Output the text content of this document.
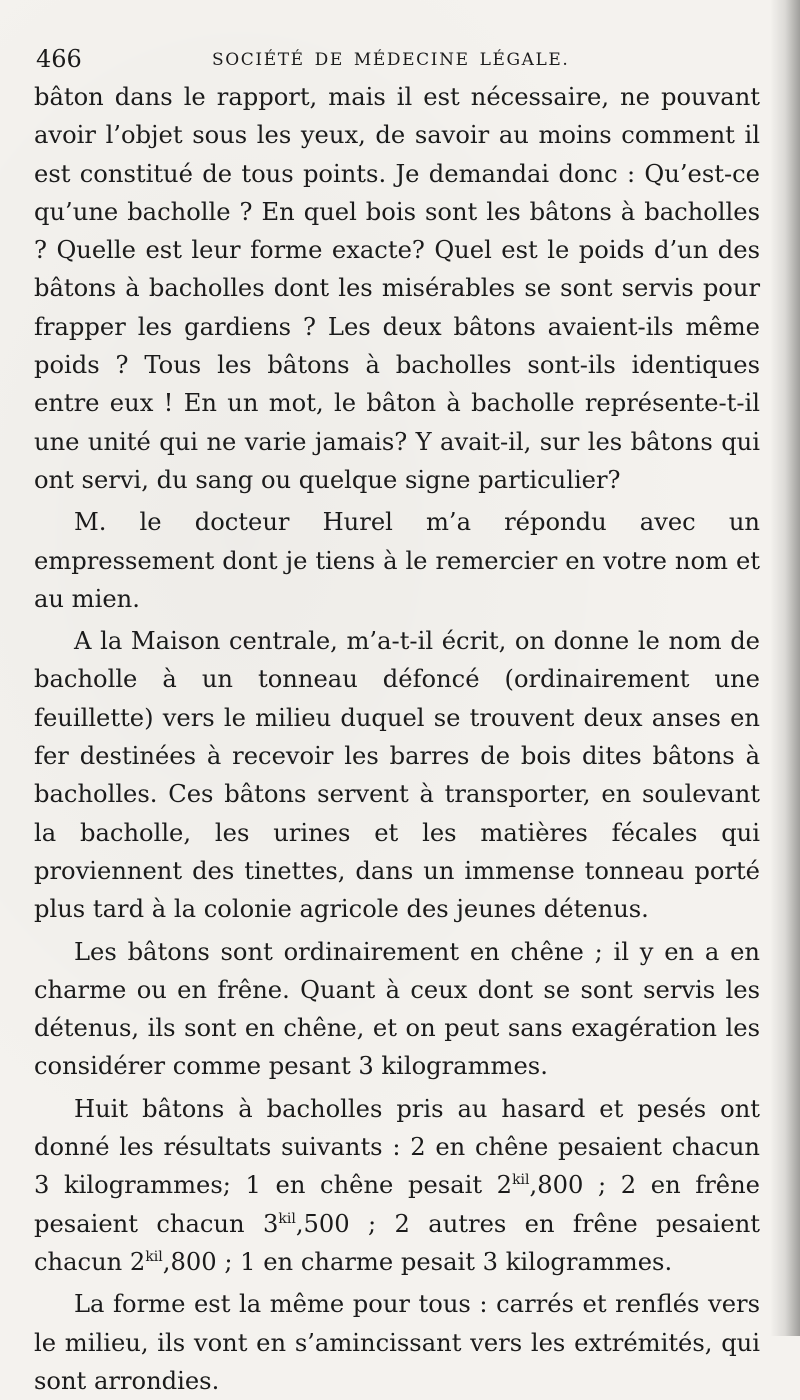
466	SOCIÉTÉ DE MÉDECINE LÉGALE.

bâton dans le rapport, mais il est nécessaire, ne pouvant avoir l’objet sous les yeux, de savoir au moins comment il est constitué de tous points. Je demandai donc : Qu’est-ce qu’une bacholle ? En quel bois sont les bâtons à bacholles ? Quelle est leur forme exacte? Quel est le poids d’un des bâtons à bacholles dont les misérables se sont servis pour frapper les gardiens ? Les deux bâtons avaient-ils même poids ? Tous les bâtons à bacholles sont-ils identiques entre eux ! En un mot, le bâton à bacholle représente-t-il une unité qui ne varie jamais? Y avait-il, sur les bâtons qui ont servi, du sang ou quelque signe particulier?

M. le docteur Hurel m’a répondu avec un empressement dont je tiens à le remercier en votre nom et au mien.

A la Maison centrale, m’a-t-il écrit, on donne le nom de bacholle à un tonneau défoncé (ordinairement une feuillette) vers le milieu duquel se trouvent deux anses en fer destinées à recevoir les barres de bois dites bâtons à bacholles. Ces bâtons servent à transporter, en soulevant la bacholle, les urines et les matières fécales qui proviennent des tinettes, dans un immense tonneau porté plus tard à la colonie agricole des jeunes détenus.

Les bâtons sont ordinairement en chêne ; il y en a en charme ou en frêne. Quant à ceux dont se sont servis les détenus, ils sont en chêne, et on peut sans exagération les considérer comme pesant 3 kilogrammes.

Huit bâtons à bacholles pris au hasard et pesés ont donné les résultats suivants : 2 en chêne pesaient chacun 3 kilogrammes; 1 en chêne pesait $2^{kil},800$ ; 2 en frêne pesaient chacun $3^{kil},500$ ; 2 autres en frêne pesaient chacun $2^{kil},800$ ; 1 en charme pesait 3 kilogrammes.

La forme est la même pour tous : carrés et renflés vers le milieu, ils vont en s’amincissant vers les extrémités, qui sont arrondies.
